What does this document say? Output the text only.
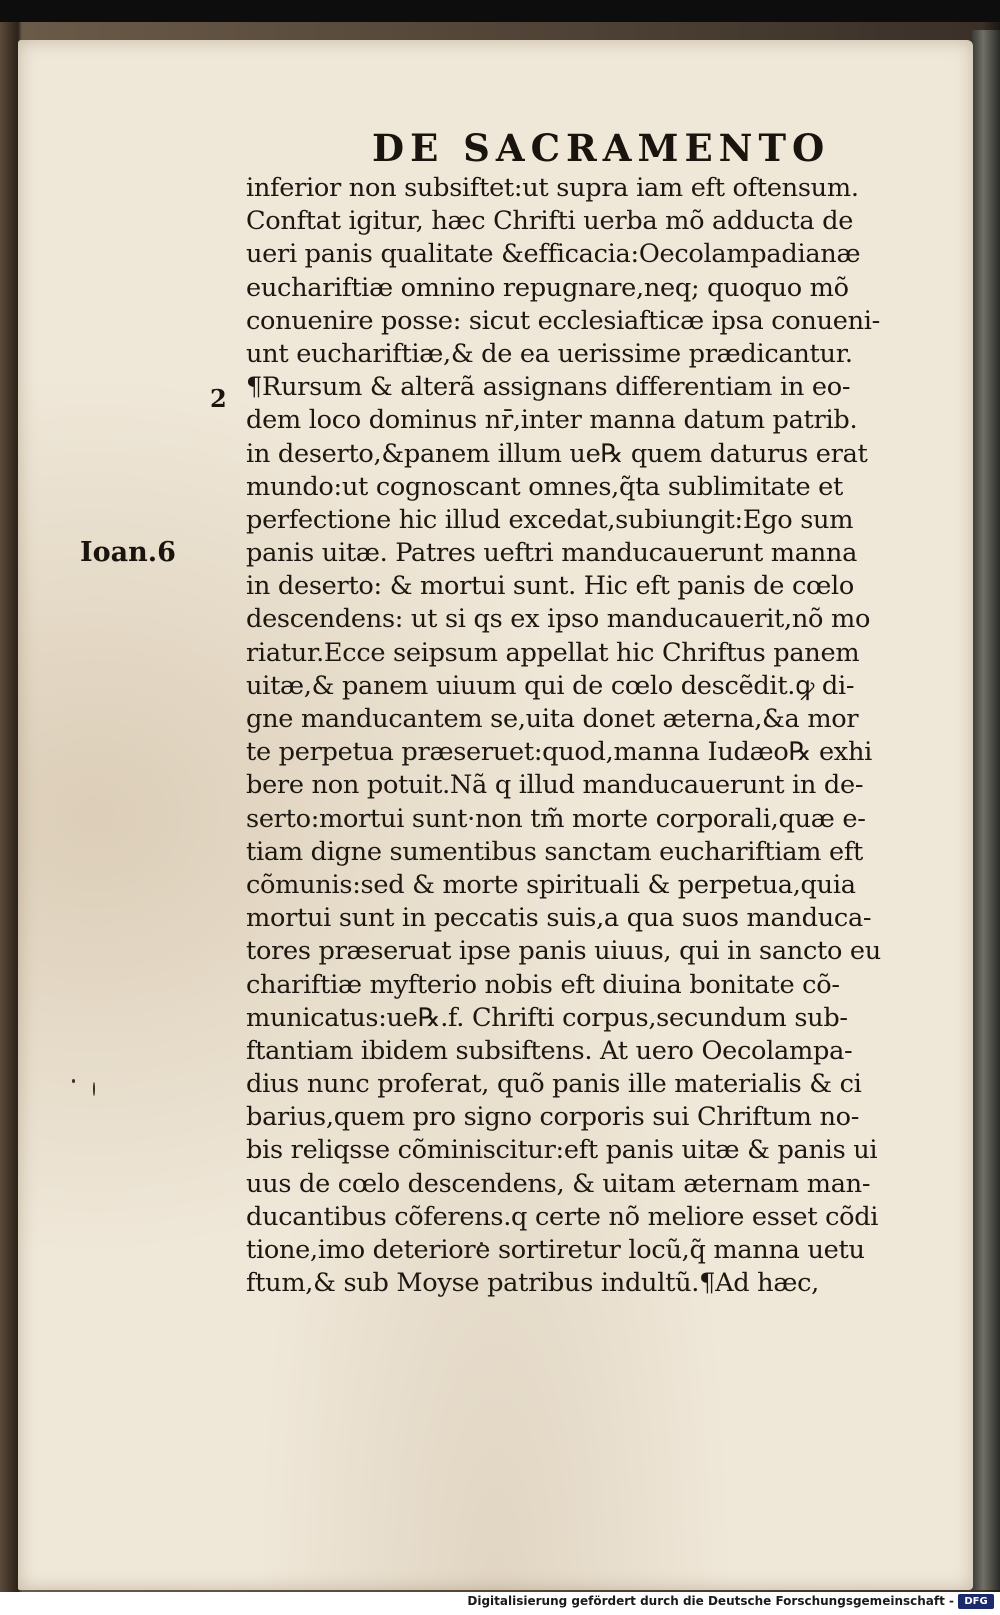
DE SACRAMENTO
2
Ioan.6
inferior non subsiftet:ut supra iam eft oftensum.
Conftat igitur, hæc Chrifti uerba mõ adducta de
ueri panis qualitate &efficacia:Oecolampadianæ
euchariftiæ omnino repugnare,neq; quoquo mõ
conuenire posse: sicut ecclesiafticæ ipsa conueni-
unt euchariftiæ,& de ea uerissime prædicantur.
¶Rursum & alterã assignans differentiam in eo-
dem loco dominus nr̄,inter manna datum patrib.
in deserto,&panem illum ue℞ quem daturus erat
mundo:ut cognoscant omnes,q̃ta sublimitate et
perfectione hic illud excedat,subiungit:Ego sum
panis uitæ. Patres ueftri manducauerunt manna
in deserto: & mortui sunt. Hic eft panis de cœlo
descendens: ut si qs ex ipso manducauerit,nõ mo
riatur.Ecce seipsum appellat hic Chriftus panem
uitæ,& panem uiuum qui de cœlo descẽdit.ꝙ di-
gne manducantem se,uita donet æterna,&a mor
te perpetua præseruet:quod,manna Iudæo℞ exhi
bere non potuit.Nã q illud manducauerunt in de-
serto:mortui sunt·non tm̃ morte corporali,quæ e-
tiam digne sumentibus sanctam euchariftiam eft
cõmunis:sed & morte spirituali & perpetua,quia
mortui sunt in peccatis suis,a qua suos manduca-
tores præseruat ipse panis uiuus, qui in sancto eu
chariftiæ myfterio nobis eft diuina bonitate cõ-
municatus:ue℞.f. Chrifti corpus,secundum sub-
ftantiam ibidem subsiftens. At uero Oecolampa-
dius nunc proferat, quõ panis ille materialis & ci
barius,quem pro signo corporis sui Chriftum no-
bis reliqsse cõminiscitur:eft panis uitæ & panis ui
uus de cœlo descendens, & uitam æternam man-
ducantibus cõferens.q certe nõ meliore esset cõdi
tione,imo deteriore sortiretur locũ,q̃ manna uetu
ftum,& sub Moyse patribus indultũ.¶Ad hæc,
Digitalisierung gefördert durch die Deutsche Forschungsgemeinschaft -	DFG
